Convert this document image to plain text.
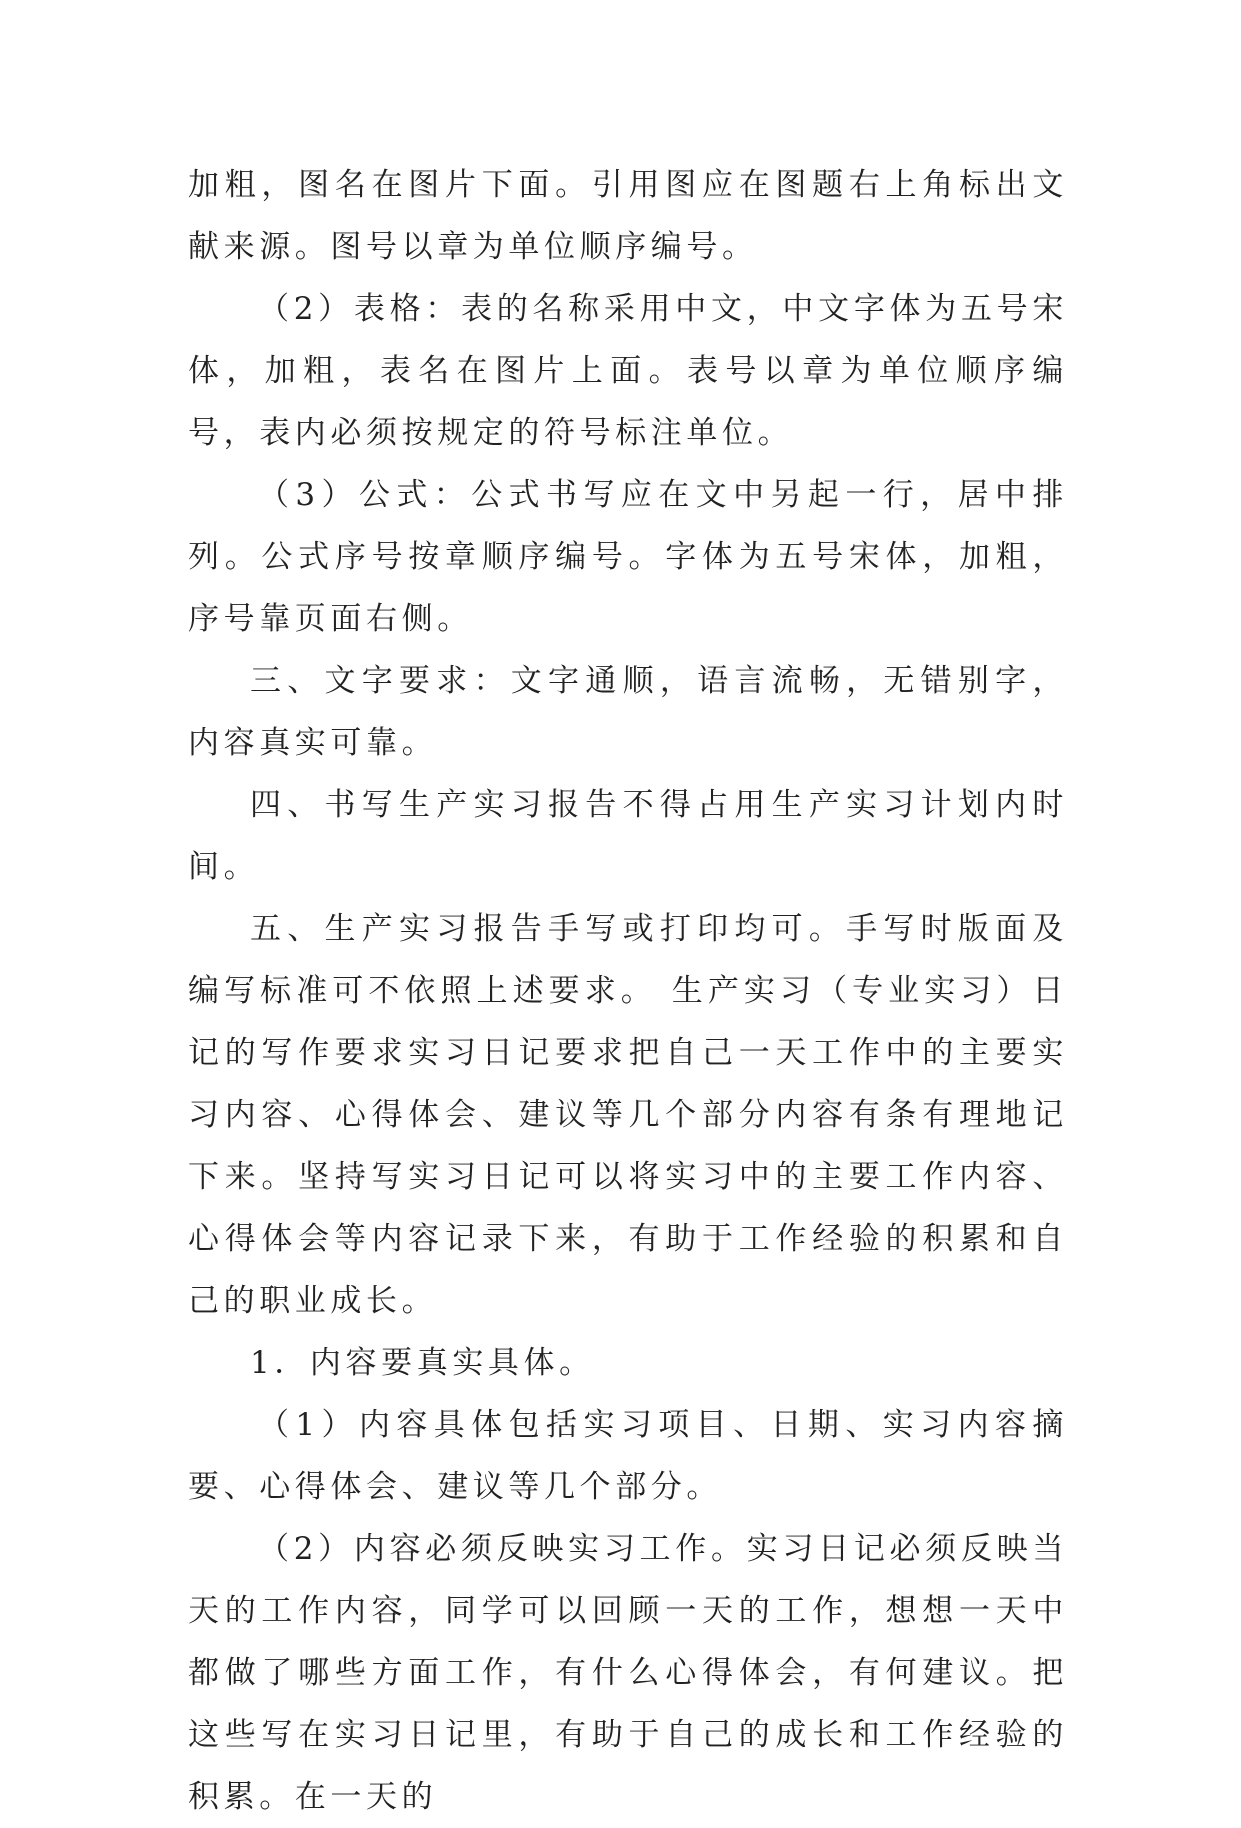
加粗，图名在图片下面。引用图应在图题右上角标出文献来源。图号以章为单位顺序编号。

（2）表格：表的名称采用中文，中文字体为五号宋体，加粗，表名在图片上面。表号以章为单位顺序编号，表内必须按规定的符号标注单位。

（3）公式：公式书写应在文中另起一行，居中排列。公式序号按章顺序编号。字体为五号宋体，加粗，序号靠页面右侧。

三、文字要求：文字通顺，语言流畅，无错别字，内容真实可靠。

四、书写生产实习报告不得占用生产实习计划内时间。

五、生产实习报告手写或打印均可。手写时版面及编写标准可不依照上述要求。 生产实习（专业实习）日记的写作要求实习日记要求把自己一天工作中的主要实习内容、心得体会、建议等几个部分内容有条有理地记下来。坚持写实习日记可以将实习中的主要工作内容、心得体会等内容记录下来，有助于工作经验的积累和自己的职业成长。

1．内容要真实具体。

（1）内容具体包括实习项目、日期、实习内容摘要、心得体会、建议等几个部分。

（2）内容必须反映实习工作。实习日记必须反映当天的工作内容，同学可以回顾一天的工作，想想一天中都做了哪些方面工作，有什么心得体会，有何建议。把这些写在实习日记里，有助于自己的成长和工作经验的积累。在一天的
